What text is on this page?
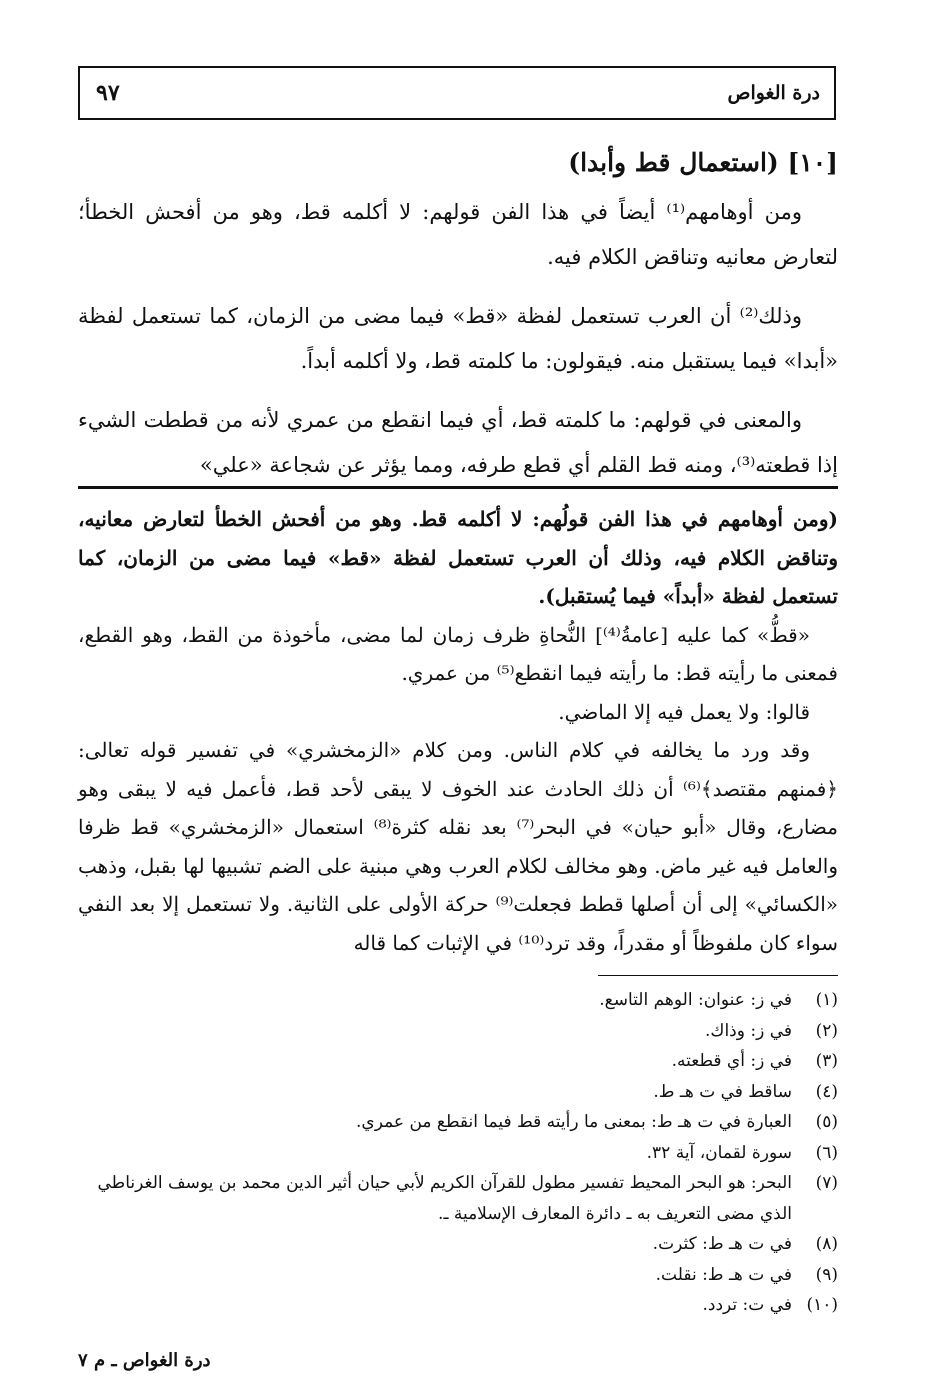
درة الغواص
٩٧
[١٠] (استعمال قط وأبدا)

ومن أوهامهم⁽¹⁾ أيضاً في هذا الفن قولهم: لا أكلمه قط، وهو من أفحش الخطأ؛ لتعارض معانيه وتناقض الكلام فيه.

وذلك⁽²⁾ أن العرب تستعمل لفظة «قط» فيما مضى من الزمان، كما تستعمل لفظة «أبدا» فيما يستقبل منه. فيقولون: ما كلمته قط، ولا أكلمه أبداً.

والمعنى في قولهم: ما كلمته قط، أي فيما انقطع من عمري لأنه من قططت الشيء إذا قطعته⁽³⁾، ومنه قط القلم أي قطع طرفه، ومما يؤثر عن شجاعة «علي»

(ومن أوهامهم في هذا الفن قولُهم: لا أكلمه قط. وهو من أفحش الخطأ لتعارض معانيه، وتناقض الكلام فيه، وذلك أن العرب تستعمل لفظة «قط» فيما مضى من الزمان، كما تستعمل لفظة «أبداً» فيما يُستقبل).

«قطُّ» كما عليه [عامةُ⁽⁴⁾] النُّحاةِ ظرف زمان لما مضى، مأخوذة من القط، وهو القطع، فمعنى ما رأيته قط: ما رأيته فيما انقطع⁽⁵⁾ من عمري.

قالوا: ولا يعمل فيه إلا الماضي.

وقد ورد ما يخالفه في كلام الناس. ومن كلام «الزمخشري» في تفسير قوله تعالى: ﴿فمنهم مقتصد﴾⁽⁶⁾ أن ذلك الحادث عند الخوف لا يبقى لأحد قط، فأعمل فيه لا يبقى وهو مضارع، وقال «أبو حيان» في البحر⁽⁷⁾ بعد نقله كثرة⁽⁸⁾ استعمال «الزمخشري» قط ظرفا والعامل فيه غير ماض. وهو مخالف لكلام العرب وهي مبنية على الضم تشبيها لها بقبل، وذهب «الكسائي» إلى أن أصلها قطط فجعلت⁽⁹⁾ حركة الأولى على الثانية. ولا تستعمل إلا بعد النفي سواء كان ملفوظاً أو مقدراً، وقد ترد⁽¹⁰⁾ في الإثبات كما قاله

(١)
في ز: عنوان: الوهم التاسع.
(٢)
في ز: وذاك.
(٣)
في ز: أي قطعته.
(٤)
ساقط في ت هـ ط.
(٥)
العبارة في ت هـ ط: بمعنى ما رأيته قط فيما انقطع من عمري.
(٦)
سورة لقمان، آية ٣٢.
(٧)
البحر: هو البحر المحيط تفسير مطول للقرآن الكريم لأبي حيان أثير الدين محمد بن يوسف الغرناطي الذي مضى التعريف به ـ دائرة المعارف الإسلامية ـ.
(٨)
في ت هـ ط: كثرت.
(٩)
في ت هـ ط: نقلت.
(١٠)
في ت: تردد.
درة الغواص ـ م ٧
